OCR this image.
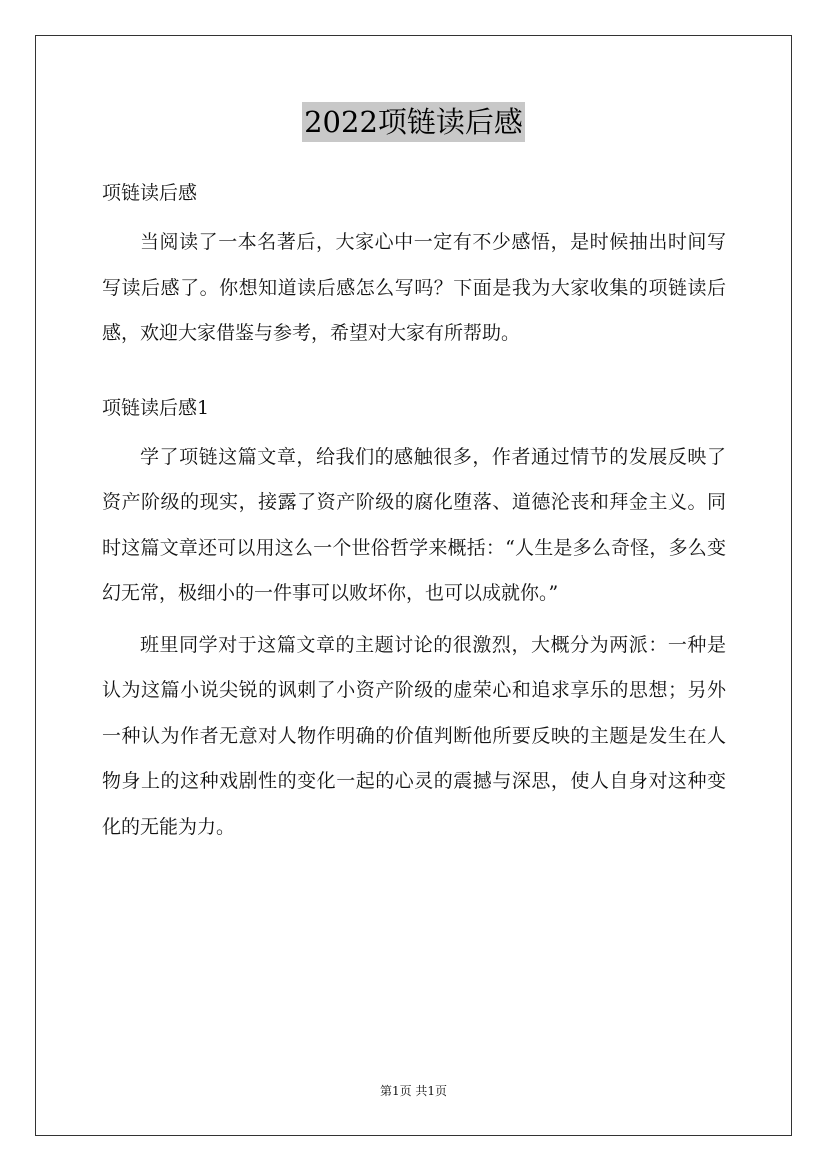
2022项链读后感

项链读后感

当阅读了一本名著后，大家心中一定有不少感悟，是时候抽出时间写写读后感了。你想知道读后感怎么写吗？下面是我为大家收集的项链读后感，欢迎大家借鉴与参考，希望对大家有所帮助。

项链读后感1

学了项链这篇文章，给我们的感触很多，作者通过情节的发展反映了资产阶级的现实，接露了资产阶级的腐化堕落、道德沦丧和拜金主义。同时这篇文章还可以用这么一个世俗哲学来概括：“人生是多么奇怪，多么变幻无常，极细小的一件事可以败坏你，也可以成就你。”

班里同学对于这篇文章的主题讨论的很激烈，大概分为两派：一种是认为这篇小说尖锐的讽刺了小资产阶级的虚荣心和追求享乐的思想；另外一种认为作者无意对人物作明确的价值判断他所要反映的主题是发生在人物身上的这种戏剧性的变化一起的心灵的震撼与深思，使人自身对这种变化的无能为力。

第1页 共1页
